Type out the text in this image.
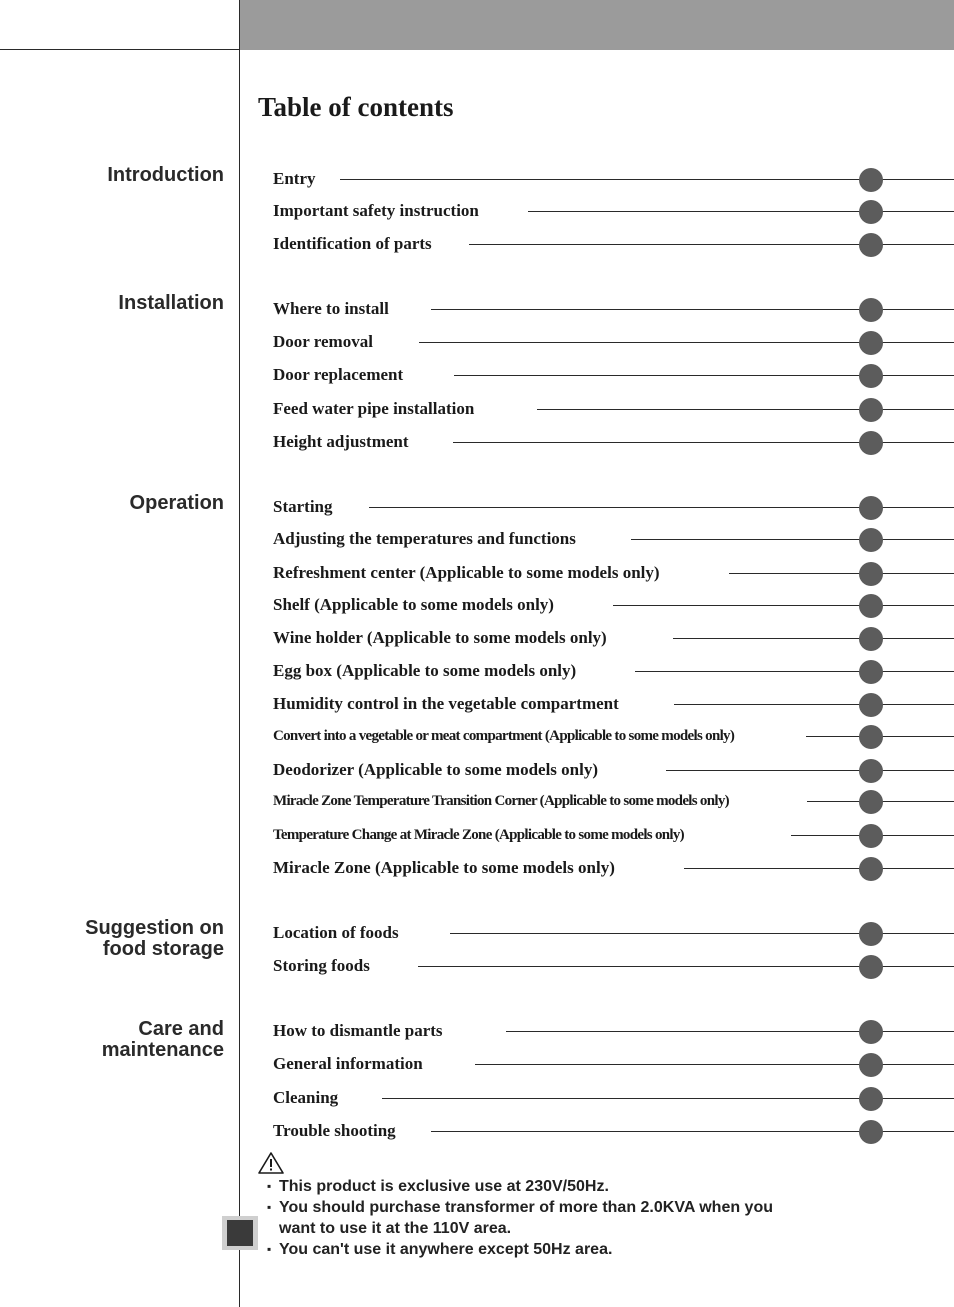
Table of contents
Introduction
Installation
Operation
Suggestion on
food storage
Care and
maintenance
Entry
Important safety instruction
Identification of parts
Where to install
Door removal
Door replacement
Feed water pipe installation
Height adjustment
Starting
Adjusting the temperatures and functions
Refreshment center (Applicable to some models only)
Shelf (Applicable to some models only)
Wine holder (Applicable to some models only)
Egg box (Applicable to some models only)
Humidity control in the vegetable compartment
Convert into a vegetable or meat compartment (Applicable to some models only)
Deodorizer (Applicable to some models only)
Miracle Zone Temperature Transition Corner (Applicable to some models only)
Temperature Change at Miracle Zone (Applicable to some models only)
Miracle Zone (Applicable to some models only)
Location of foods
Storing foods
How to dismantle parts
General information
Cleaning
Trouble shooting

▪ This product is exclusive use at 230V/50Hz.

▪ You should purchase transformer of more than 2.0KVA when you want to use it at the 110V area.

▪ You can't use it anywhere except 50Hz area.
